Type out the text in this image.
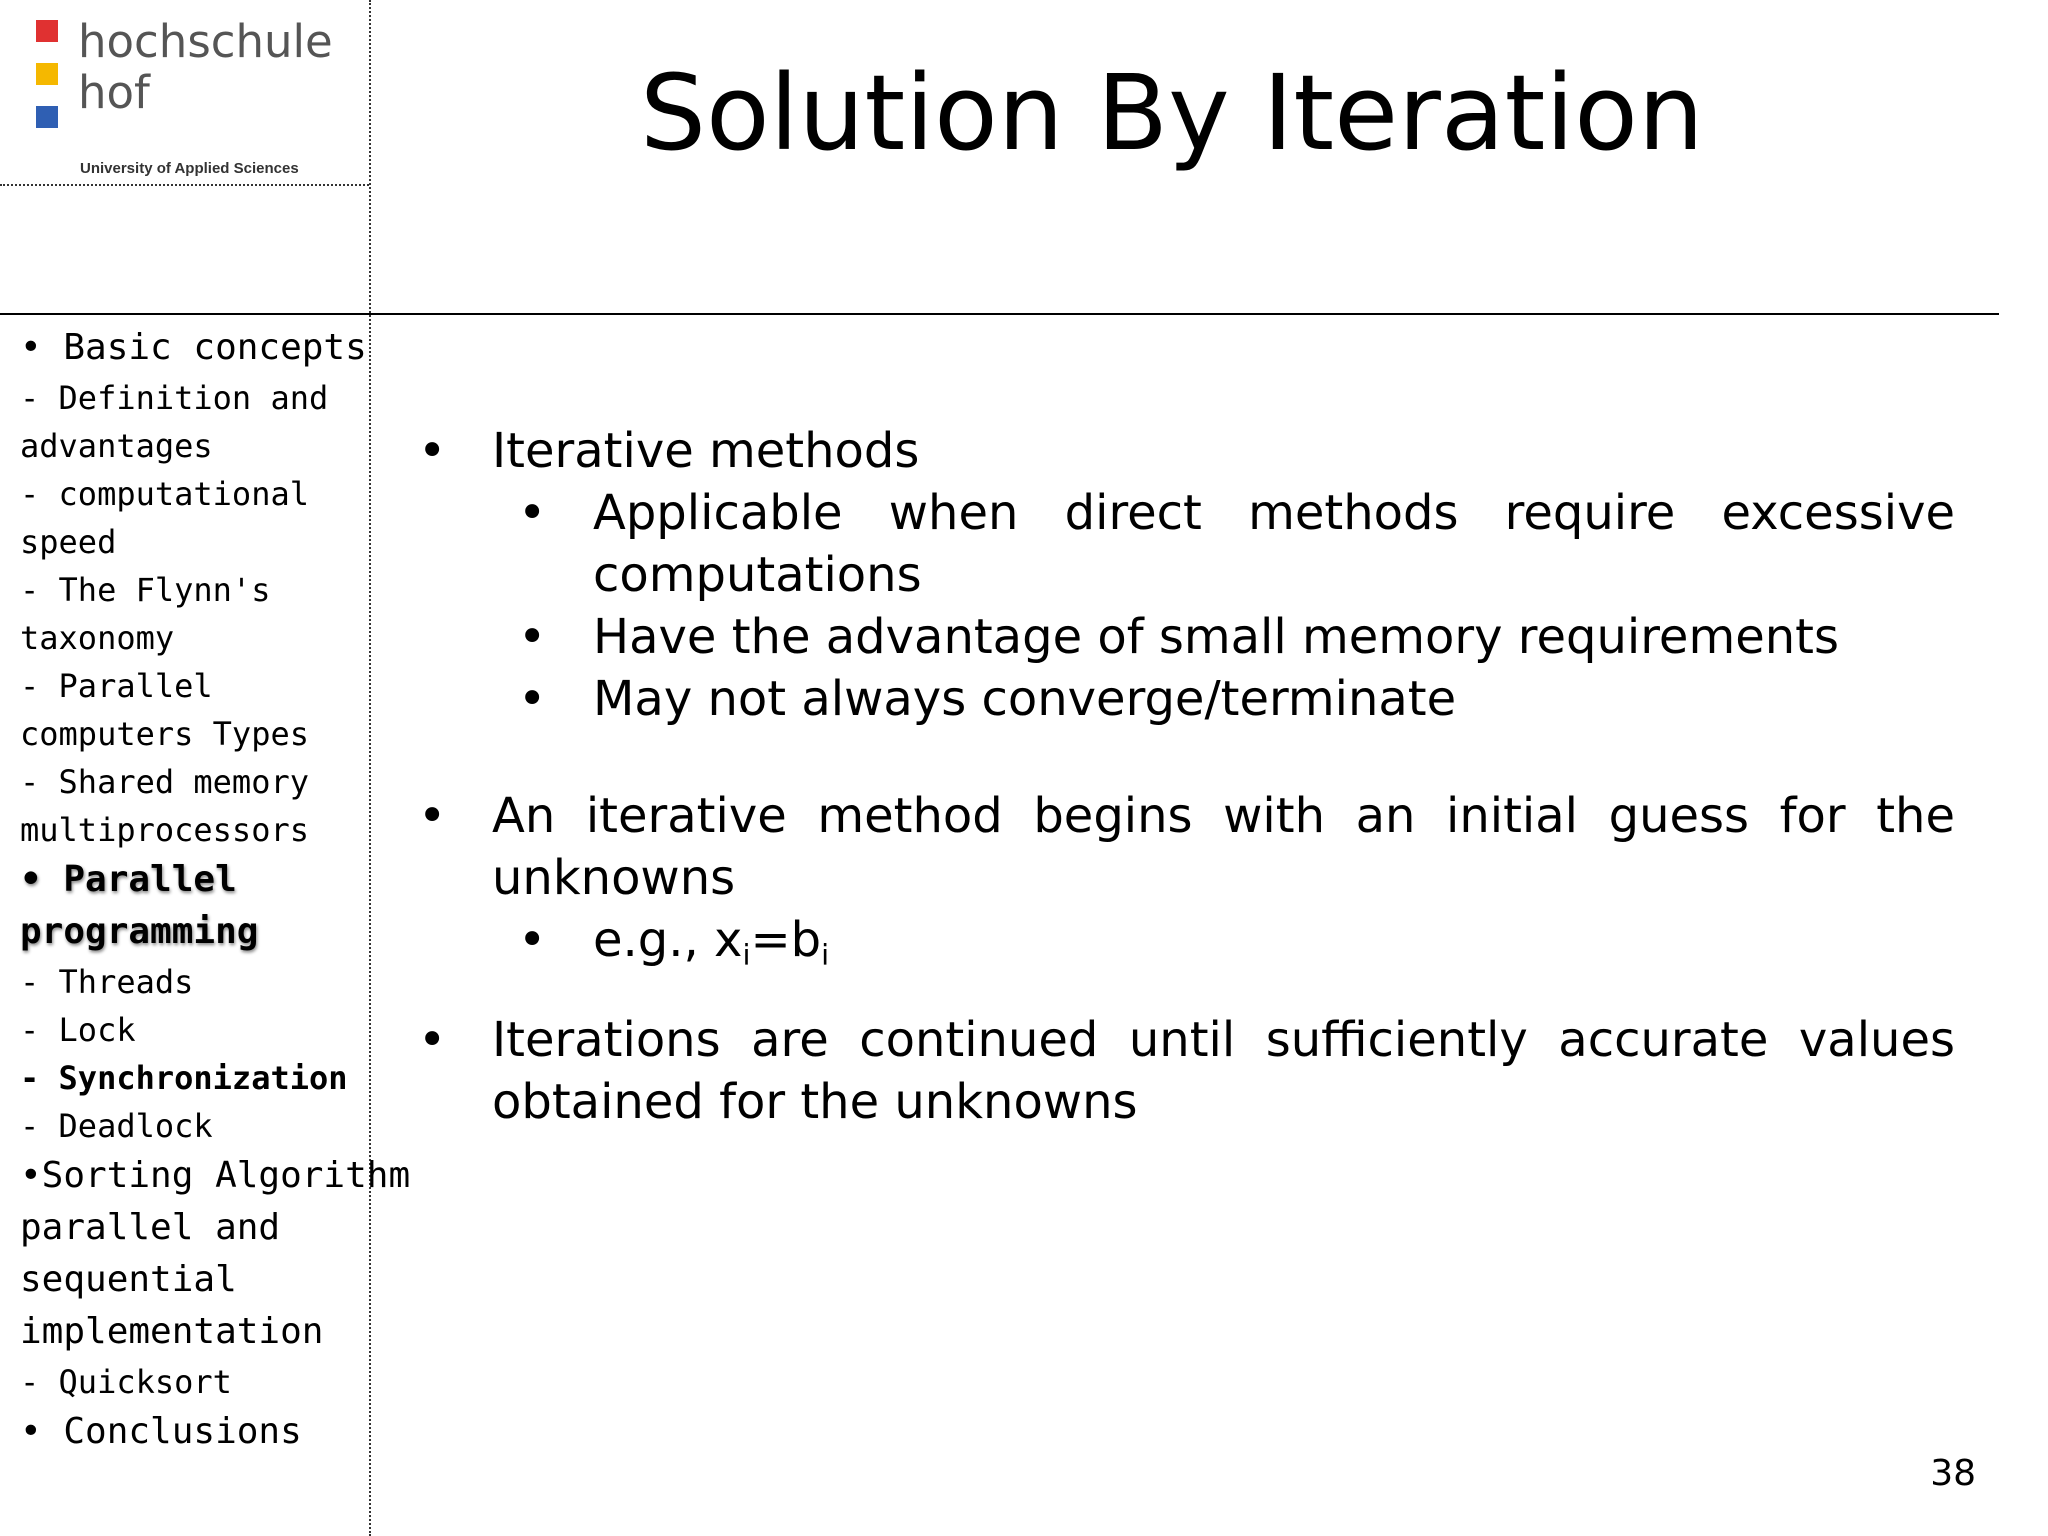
hochschule
hof
University of Applied Sciences	Solution By Iteration
• Basic concepts
- Definition and
advantages
- computational
speed
- The Flynn's
taxonomy
- Parallel
computers Types
- Shared memory
multiprocessors
• Parallel
programming
- Threads
- Lock
- Synchronization
- Deadlock
•Sorting Algorithm
parallel and
sequential
implementation
- Quicksort
• Conclusions
• Iterative methods
• Applicable when direct methods require excessive computations
• Have the advantage of small memory requirements
• May not always converge/terminate
• An iterative method begins with an initial guess for the unknowns
• e.g., $x_i=b_i$
• Iterations are continued until sufficiently accurate values obtained for the unknowns
38
